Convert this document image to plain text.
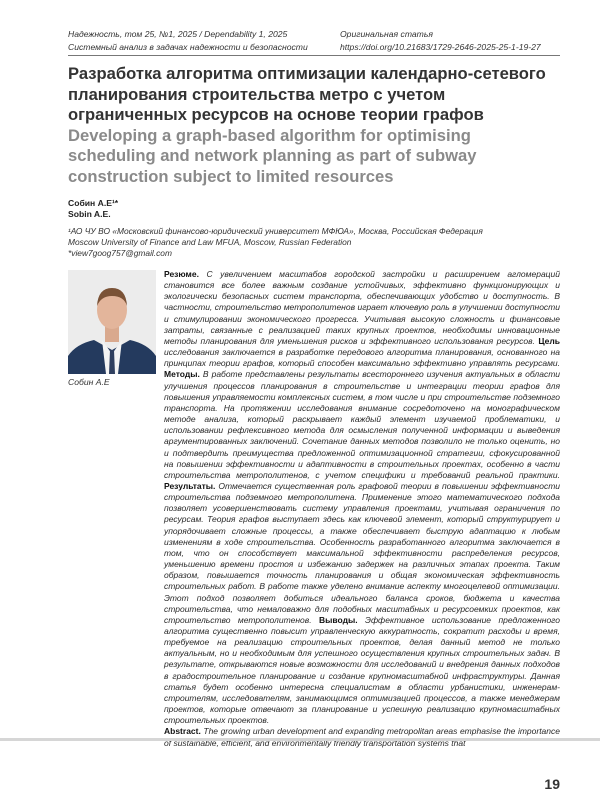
Надежность, том 25, №1, 2025 / Dependability 1, 2025
Системный анализ в задачах надежности и безопасности
Оригинальная статья
https://doi.org/10.21683/1729-2646-2025-25-1-19-27

Разработка алгоритма оптимизации календарно-сетевого планирования строительства метро с учетом ограниченных ресурсов на основе теории графов

Developing a graph-based algorithm for optimising scheduling and network planning as part of subway construction subject to limited resources

Собин А.Е¹*
Sobin A.E.
¹АО ЧУ ВО «Московский финансово-юридический университет МФЮА», Москва, Российская Федерация
Moscow University of Finance and Law MFUA, Moscow, Russian Federation
*view7goog757@gmail.com
Собин А.Е

Резюме. С увеличением масштабов городской застройки и расширением агломераций становится все более важным создание устойчивых, эффективно функционирующих и экологически безопасных систем транспорта, обеспечивающих удобство и доступность. В частности, строительство метрополитенов играет ключевую роль в улучшении доступности и стимулировании экономического прогресса. Учитывая высокую сложность и финансовые затраты, связанные с реализацией таких крупных проектов, необходимы инновационные методы планирования для уменьшения рисков и эффективного использования ресурсов. Цель исследования заключается в разработке передового алгоритма планирования, основанного на принципах теории графов, который способен максимально эффективно управлять ресурсами. Методы. В работе представлены результаты всестороннего изучения актуальных в области улучшения процессов планирования в строительстве и интеграции теории графов для повышения управляемости комплексных систем, в том числе и при строительстве подземного транспорта. На протяжении исследования внимание сосредоточено на монографическом методе анализа, который раскрывает каждый элемент изучаемой проблематики, и использовании рефлексивного метода для осмысления полученной информации и выведения аргументированных заключений. Сочетание данных методов позволило не только оценить, но и подтвердить преимущества предложенной оптимизационной стратегии, сфокусированной на повышении эффективности и адаптивности в строительных проектах, особенно в части строительства метрополитенов, с учетом специфики и требований реальной практики. Результаты. Отмечается существенная роль графовой теории в повышении эффективности строительства подземного метрополитена. Применение этого математического подхода позволяет усовершенствовать систему управления проектами, учитывая ограничения по ресурсам. Теория графов выступает здесь как ключевой элемент, который структурирует и упорядочивает сложные процессы, а также обеспечивает быструю адаптацию к любым изменениям в ходе строительства. Особенность разработанного алгоритма заключается в том, что он способствует максимальной эффективности распределения ресурсов, уменьшению времени простоя и избежанию задержек на различных этапах проекта. Таким образом, повышается точность планирования и общая экономическая эффективность строительных работ. В работе также уделено внимание аспекту многоцелевой оптимизации. Этот подход позволяет добиться идеального баланса сроков, бюджета и качества строительства, что немаловажно для подобных масштабных и ресурсоемких проектов, как строительство метрополитенов. Выводы. Эффективное использование предложенного алгоритма существенно повысит управленческую аккуратность, сократит расходы и время, требуемое на реализацию строительных проектов, делая данный метод не только актуальным, но и необходимым для успешного осуществления крупных строительных задач. В результате, открываются новые возможности для исследований и внедрения данных подходов в градостроительное планирование и создание крупномасштабной инфраструктуры. Данная статья будет особенно интересна специалистам в области урбанистики, инженерам-строителям, исследователям, занимающимся оптимизацией процессов, а также менеджерам проектов, которые отвечают за планирование и успешную реализацию крупномасштабных строительных проектов.

Abstract. The growing urban development and expanding metropolitan areas emphasise the importance of sustainable, efficient, and environmentally friendly transportation systems that

19
